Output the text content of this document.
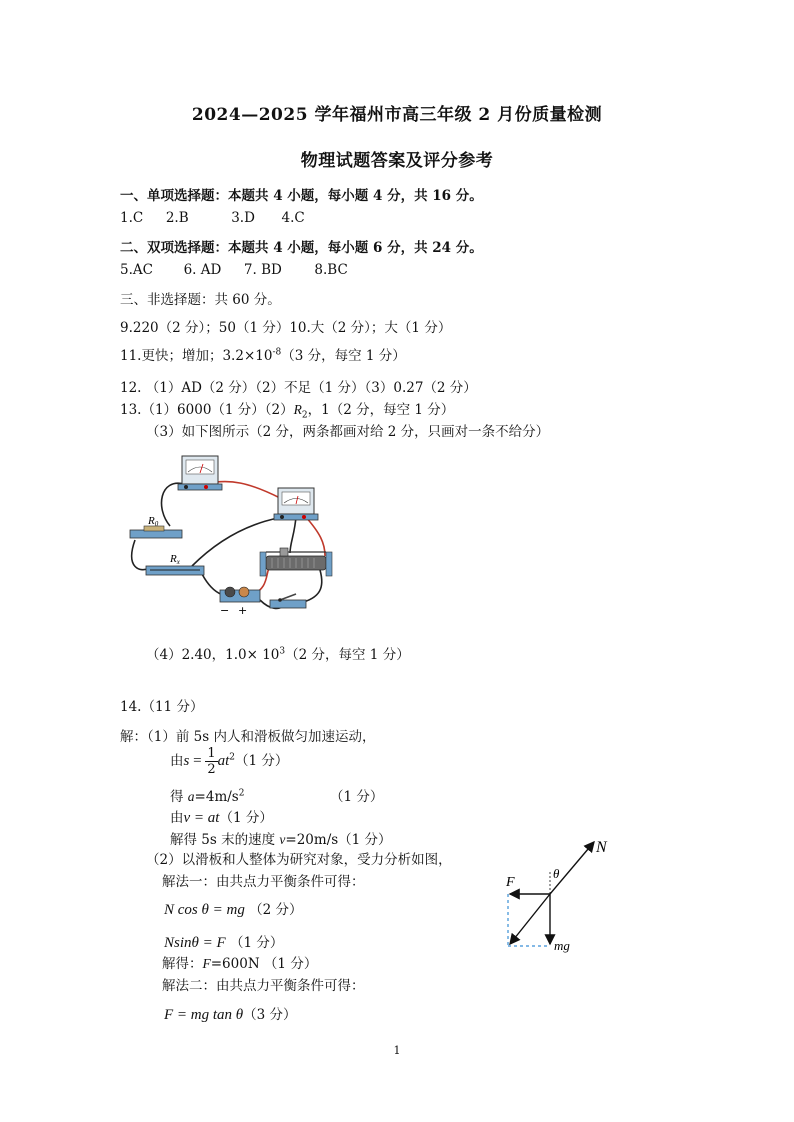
2024—2025 学年福州市高三年级 2 月份质量检测
物理试题答案及评分参考
一、单项选择题：本题共 4 小题，每小题 4 分，共 16 分。
1.C 2.B	3.D 4.C
二、双项选择题：本题共 4 小题，每小题 6 分，共 24 分。
5.AC 6. AD 7. BD 8.BC
三、非选择题：共 60 分。
9.220（2 分）；50（1 分）10.大（2 分）；大（1 分）
11.更快；增加；$3.2\times 10^{-8}(3$ 分，每空 1 分）
12. （1）AD（2 分）（2）不足（1 分）（3）0.27（2 分）
13.（1）6000（1 分）$(2)R_2$，1（2 分，每空 1 分）
（3）如下图所示（2 分，两条都画对给 2 分，只画对一条不给分）
R0
Rx
− +
（4）2.40，$1.0\times 10^3(2$ 分，每空 1 分）
14.（11 分）
解：（1）前 5s 内人和滑板做匀加速运动，
由$s = \frac{1}{2} at^2(1$ 分）
得 $a=4m/s^2$	（1 分）
由v = at（1 分）
解得 5s 末的速度 v=20m/s（1 分）
（2）以滑板和人整体为研究对象，受力分析如图，
解法一：由共点力平衡条件可得：
N cos θ = mg （2 分）
Nsinθ = F （1 分）
解得：F=600N （1 分）
解法二：由共点力平衡条件可得：
F = mg tan θ（3 分）
N
F
θ
mg
1
